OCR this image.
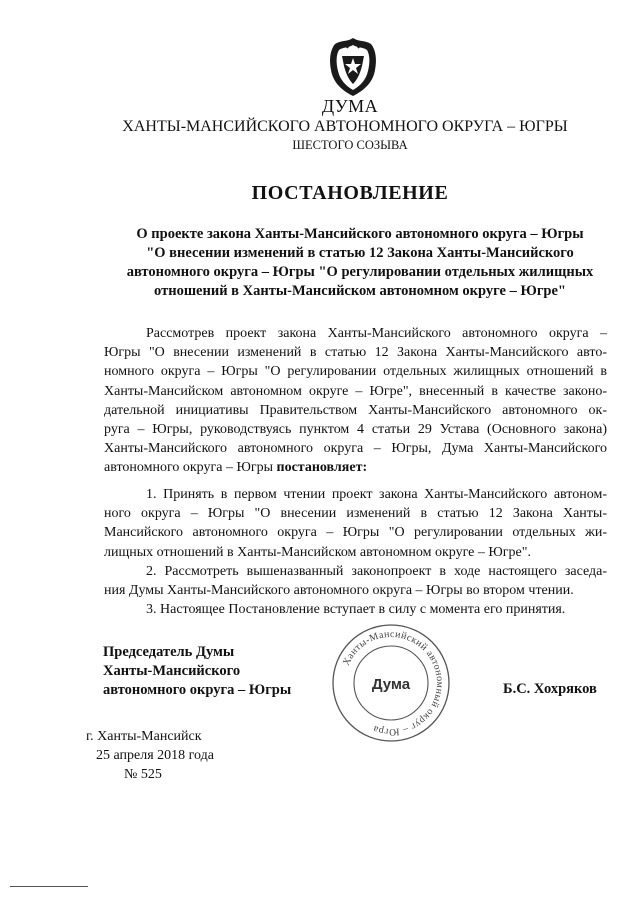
ДУМА
ХАНТЫ-МАНСИЙСКОГО АВТОНОМНОГО ОКРУГА – ЮГРЫ
ШЕСТОГО СОЗЫВА
ПОСТАНОВЛЕНИЕ
О проекте закона Ханты-Мансийского автономного округа – Югры
"О внесении изменений в статью 12 Закона Ханты-Мансийского
автономного округа – Югры "О регулировании отдельных жилищных
отношений в Ханты-Мансийском автономном округе – Югре"
Рассмотрев проект закона Ханты-Мансийского автономного округа –
Югры "О внесении изменений в статью 12 Закона Ханты-Мансийского авто-
номного округа – Югры "О регулировании отдельных жилищных отношений в
Ханты-Мансийском автономном округе – Югре", внесенный в качестве законо-
дательной инициативы Правительством Ханты-Мансийского автономного ок-
руга – Югры, руководствуясь пунктом 4 статьи 29 Устава (Основного закона)
Ханты-Мансийского автономного округа – Югры, Дума Ханты-Мансийского
автономного округа – Югры постановляет:
1. Принять в первом чтении проект закона Ханты-Мансийского автоном-
ного округа – Югры "О внесении изменений в статью 12 Закона Ханты-
Мансийского автономного округа – Югры "О регулировании отдельных жи-
лищных отношений в Ханты-Мансийском автономном округе – Югре".
2. Рассмотреть вышеназванный законопроект в ходе настоящего заседа-
ния Думы Ханты-Мансийского автономного округа – Югры во втором чтении.
3. Настоящее Постановление вступает в силу с момента его принятия.
Председатель Думы
Ханты-Мансийского
автономного округа – Югры
Ханты-Мансийский автономный округ – Югра
Дума	Б.С. Хохряков
г. Ханты-Мансийск
25 апреля 2018 года
№ 525
